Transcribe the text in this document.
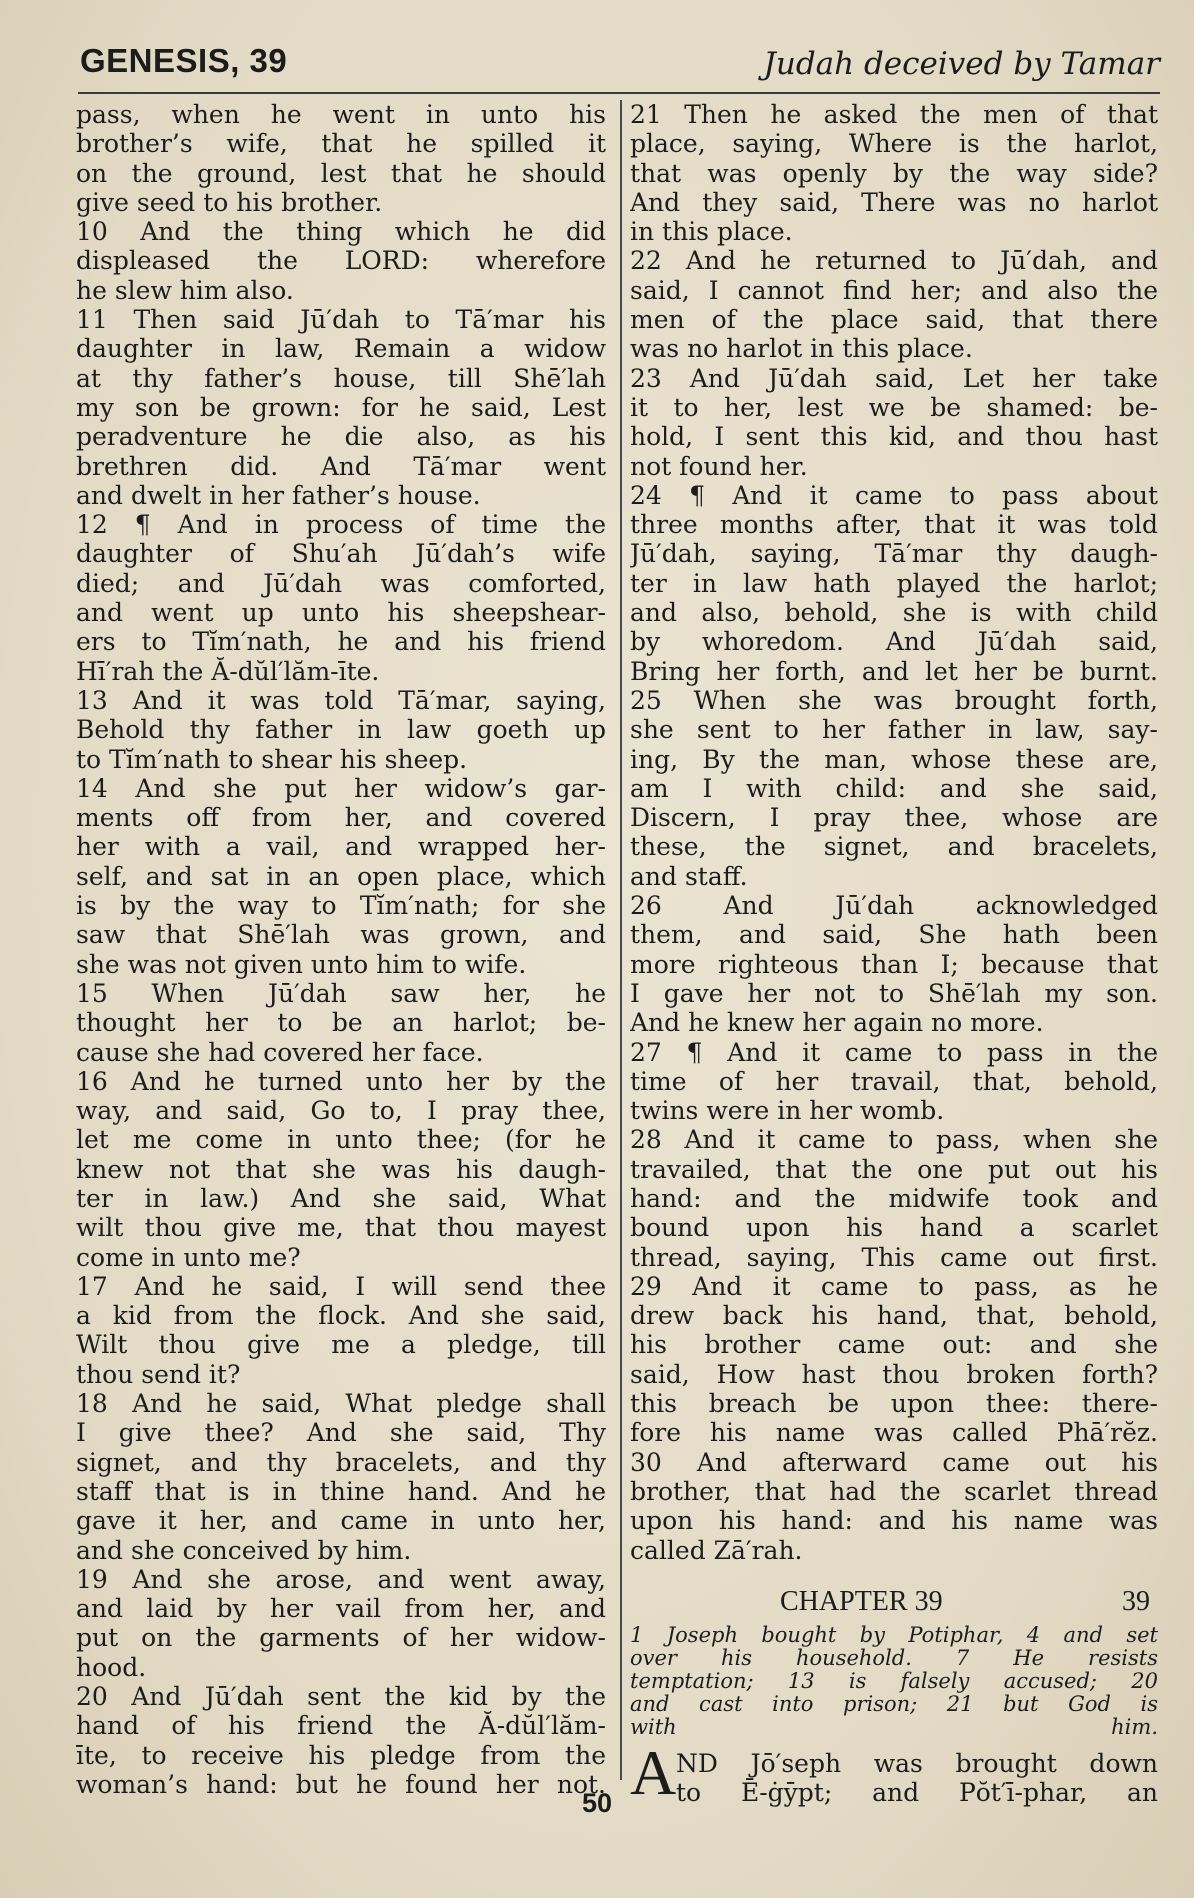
GENESIS, 39	Judah deceived by Tamar
pass, when he went in unto his
brother’s wife, that he spilled it
on the ground, lest that he should
give seed to his brother.
10 And the thing which he did
displeased the LORD: wherefore
he slew him also.
11 Then said Jū′dah to Tā′mar his
daughter in law, Remain a widow
at thy father’s house, till Shē′lah
my son be grown: for he said, Lest
peradventure he die also, as his
brethren did. And Tā′mar went
and dwelt in her father’s house.
12 ¶ And in process of time the
daughter of Shu′ah Jū′dah’s wife
died; and Jū′dah was comforted,
and went up unto his sheepshear-
ers to Tĭm′nath, he and his friend
Hī′rah the Ă-dŭl′lăm-īte.
13 And it was told Tā′mar, saying,
Behold thy father in law goeth up
to Tĭm′nath to shear his sheep.
14 And she put her widow’s gar-
ments off from her, and covered
her with a vail, and wrapped her-
self, and sat in an open place, which
is by the way to Tĭm′nath; for she
saw that Shē′lah was grown, and
she was not given unto him to wife.
15 When Jū′dah saw her, he
thought her to be an harlot; be-
cause she had covered her face.
16 And he turned unto her by the
way, and said, Go to, I pray thee,
let me come in unto thee; (for he
knew not that she was his daugh-
ter in law.) And she said, What
wilt thou give me, that thou mayest
come in unto me?
17 And he said, I will send thee
a kid from the flock. And she said,
Wilt thou give me a pledge, till
thou send it?
18 And he said, What pledge shall
I give thee? And she said, Thy
signet, and thy bracelets, and thy
staff that is in thine hand. And he
gave it her, and came in unto her,
and she conceived by him.
19 And she arose, and went away,
and laid by her vail from her, and
put on the garments of her widow-
hood.
20 And Jū′dah sent the kid by the
hand of his friend the Ă-dŭl′lăm-
īte, to receive his pledge from the
woman’s hand: but he found her not.
21 Then he asked the men of that
place, saying, Where is the harlot,
that was openly by the way side?
And they said, There was no harlot
in this place.
22 And he returned to Jū′dah, and
said, I cannot find her; and also the
men of the place said, that there
was no harlot in this place.
23 And Jū′dah said, Let her take
it to her, lest we be shamed: be-
hold, I sent this kid, and thou hast
not found her.
24 ¶ And it came to pass about
three months after, that it was told
Jū′dah, saying, Tā′mar thy daugh-
ter in law hath played the harlot;
and also, behold, she is with child
by whoredom. And Jū′dah said,
Bring her forth, and let her be burnt.
25 When she was brought forth,
she sent to her father in law, say-
ing, By the man, whose these are,
am I with child: and she said,
Discern, I pray thee, whose are
these, the signet, and bracelets,
and staff.
26 And Jū′dah acknowledged
them, and said, She hath been
more righteous than I; because that
I gave her not to Shē′lah my son.
And he knew her again no more.
27 ¶ And it came to pass in the
time of her travail, that, behold,
twins were in her womb.
28 And it came to pass, when she
travailed, that the one put out his
hand: and the midwife took and
bound upon his hand a scarlet
thread, saying, This came out first.
29 And it came to pass, as he
drew back his hand, that, behold,
his brother came out: and she
said, How hast thou broken forth?
this breach be upon thee: there-
fore his name was called Phā′rĕz.
30 And afterward came out his
brother, that had the scarlet thread
upon his hand: and his name was
called Zā′rah.
CHAPTER 39	39
1 Joseph bought by Potiphar, 4 and set
over his household. 7 He resists
temptation; 13 is falsely accused; 20
and cast into prison; 21 but God is
with him.
A ND Jō′seph was brought down
to Ē-ġȳpt; and Pŏt′ī-phar, an
50
